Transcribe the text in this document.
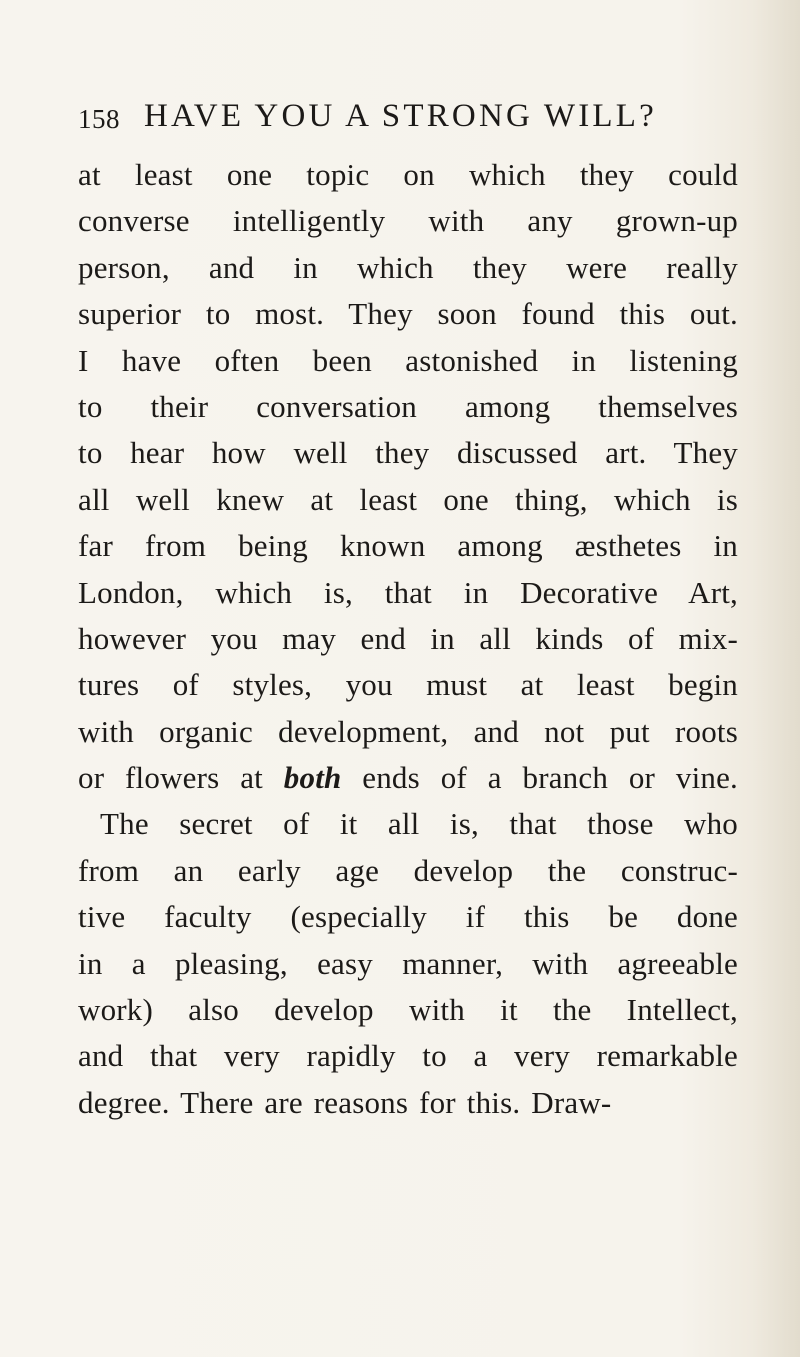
158 HAVE YOU A STRONG WILL?
at least one topic on which they could
converse intelligently with any grown-up
person, and in which they were really
superior to most. They soon found this out.
I have often been astonished in listening
to their conversation among themselves
to hear how well they discussed art. They
all well knew at least one thing, which is
far from being known among æsthetes in
London, which is, that in Decorative Art,
however you may end in all kinds of mix-
tures of styles, you must at least begin
with organic development, and not put roots
or flowers at both ends of a branch or vine.
The secret of it all is, that those who
from an early age develop the construc-
tive faculty (especially if this be done
in a pleasing, easy manner, with agreeable
work) also develop with it the Intellect,
and that very rapidly to a very remarkable
degree. There are reasons for this. Draw-
